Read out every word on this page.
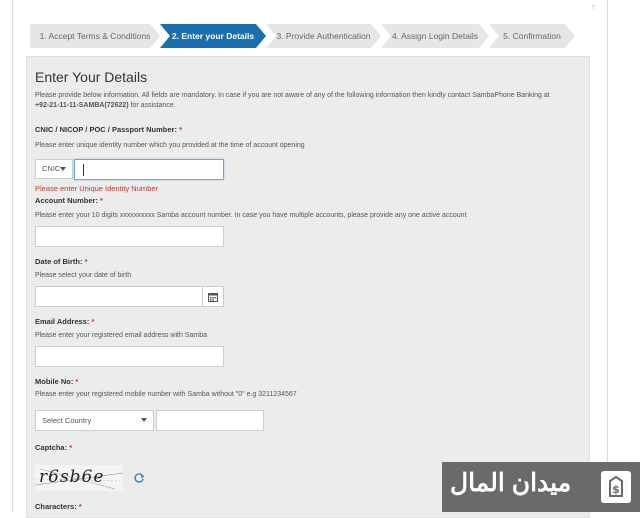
↑
1. Accept Terms & Conditions	2. Enter your Details	3. Provide Authentication	4. Assign Login Details	5. Confirmation
Enter Your Details
Please provide below information. All fields are mandatory. In case if you are not aware of any of the following information then kindly contact SambaPhone Banking at
+92-21-11-11-SAMBA(72622) for assistance.
CNIC / NICOP / POC / Passport Number: *
Please enter unique identity number which you provided at the time of account opening
CNIC
Please enter Unique Identity Number
Account Number: *
Please enter your 10 digits xxxxxxxxxx Samba account number. In case you have multiple accounts, please provide any one active account
Date of Birth: *
Please select your date of birth
Email Address: *
Please enter your registered email address with Samba
Mobile No: *
Please enter your registered mobile number with Samba without "0" e.g 3211234567
Select Country
Captcha: *
r6sb6e
Characters: *
ميدان المال	$
